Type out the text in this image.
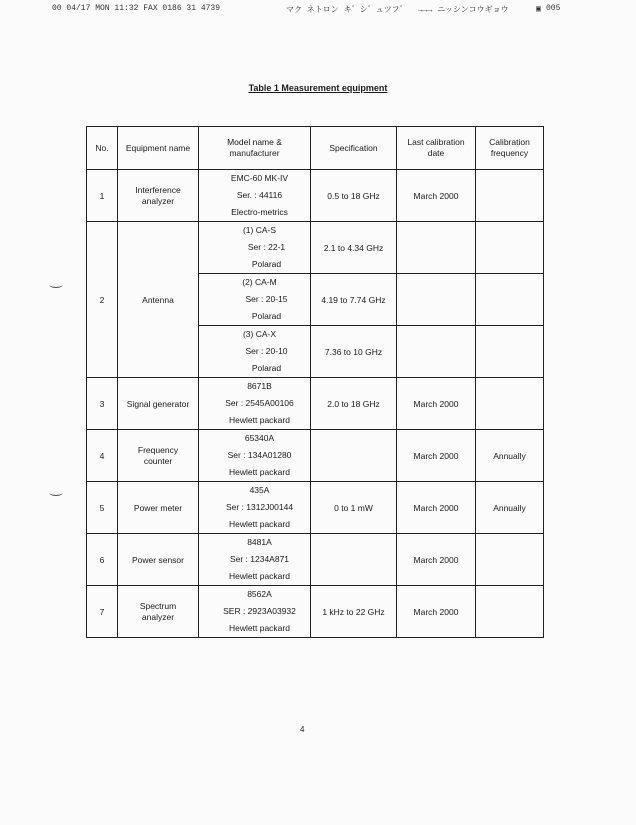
00 04/17 MON 11:32 FAX 0186 31 4739	マク ネトロン キ゛シ゛ュツフ゛ →→→ ニッシンコウギョウ	▣ 005
Table 1 Measurement equipment
No.	Equipment name	Model name & manufacturer	Specification	Last calibration date	Calibration frequency

1	Interference analyzer	EMC-60 MK-IV
Ser. : 44116
Electro-metrics	0.5 to 18 GHz	March 2000	
2	Antenna	(1) CA-S
Ser : 22-1
Polarad	2.1 to 4.34 GHz		

		(2) CA-M
Ser : 20-15
Polarad	4.19 to 7.74 GHz		

		(3) CA-X
Ser : 20-10
Polarad	7.36 to 10 GHz		
3	Signal generator	8671B
Ser : 2545A00106
Hewlett packard	2.0 to 18 GHz	March 2000	
4	Frequency counter	65340A
Ser : 134A01280
Hewlett packard		March 2000	Annually
5	Power meter	435A
Ser : 1312J00144
Hewlett packard	0 to 1 mW	March 2000	Annually
6	Power sensor	8481A
Ser : 1234A871
Hewlett packard		March 2000	
7	Spectrum analyzer	8562A
SER : 2923A03932
Hewlett packard	1 kHz to 22 GHz	March 2000	
4
